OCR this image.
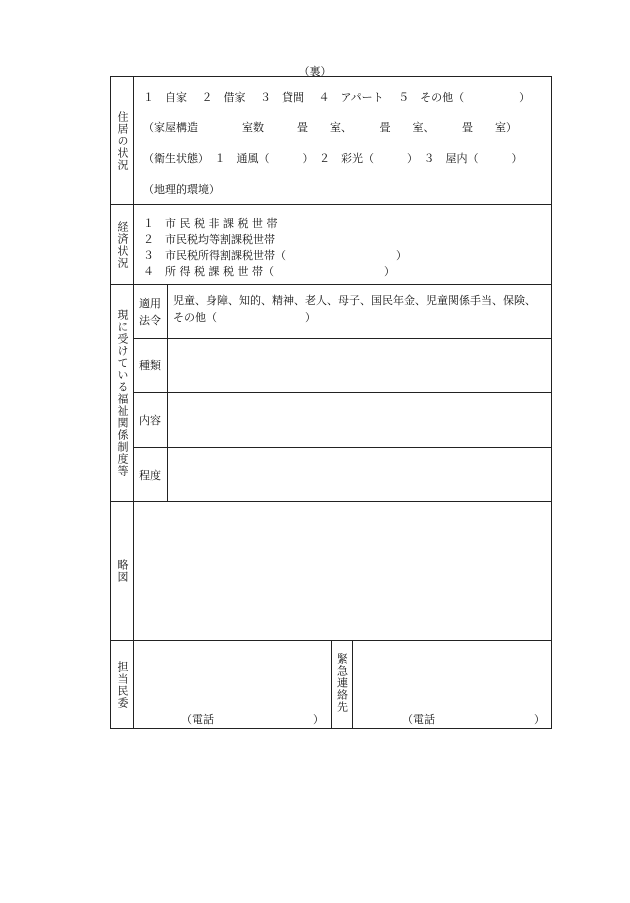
（裏）
住居の状況
１　自家　 ２　借家　 ３　貸間　 ４　アパート　 ５　その他（　　　　　）
（家屋構造　　　　室数　　　畳　　室、　　　畳　　室、　　　畳　　室）
（衛生状態）　１　通風（　　　）　２　彩光（　　　）　３　屋内（　　　）
（地理的環境）
経済状況 １　市 民 税 非 課 税 世 帯
２　市民税均等割課税世帯
３　市民税所得割課税世帯（　　　　　　　　　　）
４　所 得 税 課 税 世 帯（　　　　　　　　　　）
現に受けている福祉関係制度等
適用
法令
児童、身障、知的、精神、老人、母子、国民年金、児童関係手当、保険、その他（　　　　　　　　）
種類
内容
程度
略図
担当民委
（電話　　　　　　　　　）
緊急連絡先
（電話　　　　　　　　　）
